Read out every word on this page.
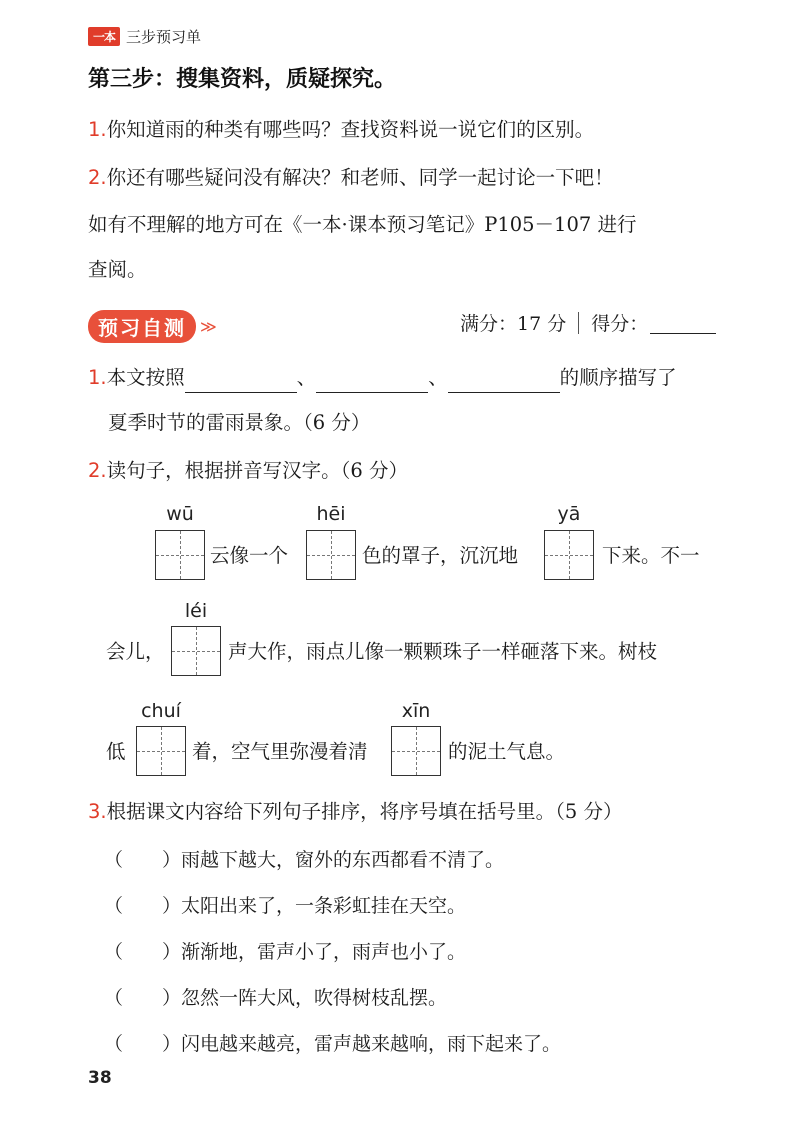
一本 三步预习单
第三步：搜集资料，质疑探究。
1.你知道雨的种类有哪些吗？查找资料说一说它们的区别。
2.你还有哪些疑问没有解决？和老师、同学一起讨论一下吧！
如有不理解的地方可在《一本·课本预习笔记》P105－107 进行
查阅。
预习自测 ≫	满分：17 分 得分：
1.本文按照	、	、	的顺序描写了
夏季时节的雷雨景象。（6 分）
2.读句子，根据拼音写汉字。（6 分）
wū
云像一个
hēi
色的罩子，沉沉地
yā
下来。不一
léi
会儿，	声大作，雨点儿像一颗颗珠子一样砸落下来。树枝
chuí
低	着，空气里弥漫着清
xīn
的泥土气息。
3.根据课文内容给下列句子排序，将序号填在括号里。（5 分）
（ ）雨越下越大，窗外的东西都看不清了。
（ ）太阳出来了，一条彩虹挂在天空。
（ ）渐渐地，雷声小了，雨声也小了。
（ ）忽然一阵大风，吹得树枝乱摆。
（ ）闪电越来越亮，雷声越来越响，雨下起来了。
38
